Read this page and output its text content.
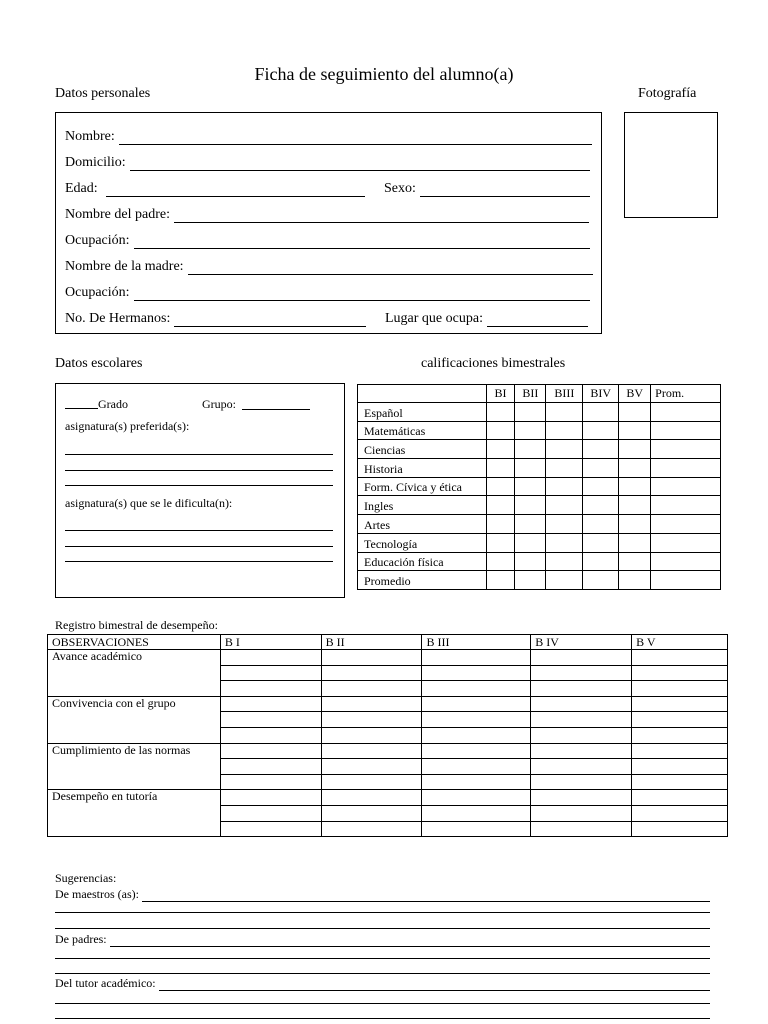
Ficha de seguimiento del alumno(a)
Datos personales	Fotografía
Nombre:
Domicilio:
Edad:	Sexo:
Nombre del padre:
Ocupación:
Nombre de la madre:
Ocupación:
No. De Hermanos:	Lugar que ocupa:
Datos escolares	calificaciones bimestrales
Grado	Grupo:
asignatura(s) preferida(s):
asignatura(s) que se le dificulta(n):
	BI	BII	BIII	BIV	BV	Prom.
Español						
Matemáticas						
Ciencias						
Historia						
Form. Cívica y ética						
Ingles						
Artes						
Tecnología						
Educación física						
Promedio						
Registro bimestral de desempeño:
OBSERVACIONES	B I	B II	B III	B IV	B V
Avance académico					

Convivencia con el grupo					

Cumplimiento de las normas					

Desempeño en tutoría					

Sugerencias:
De maestros (as):
De padres:
Del tutor académico:
